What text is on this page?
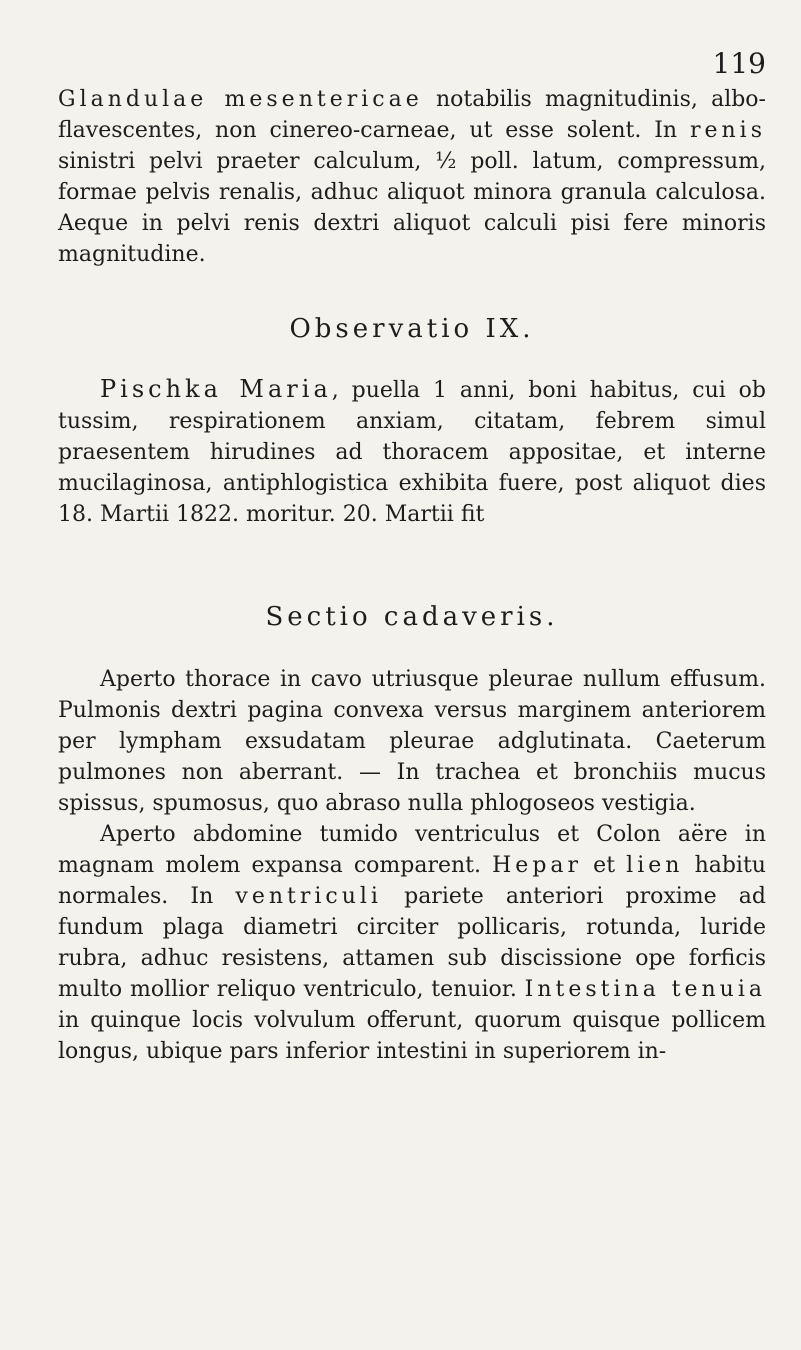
119

Glandulae mesentericae notabilis magnitudinis, albo-flavescentes, non cinereo-carneae, ut esse solent. In renis sinistri pelvi praeter calculum, ½ poll. latum, compressum, formae pelvis renalis, adhuc aliquot minora granula calculosa. Aeque in pelvi renis dextri aliquot calculi pisi fere minoris magnitudine.

Observatio IX.

Pischka Maria, puella 1 anni, boni habitus, cui ob tussim, respirationem anxiam, citatam, febrem simul praesentem hirudines ad thoracem appositae, et interne mucilaginosa, antiphlogistica exhibita fuere, post aliquot dies 18. Martii 1822. moritur. 20. Martii fit

Sectio cadaveris.

Aperto thorace in cavo utriusque pleurae nullum effusum. Pulmonis dextri pagina convexa versus marginem anteriorem per lympham exsudatam pleurae adglutinata. Caeterum pulmones non aberrant. — In trachea et bronchiis mucus spissus, spumosus, quo abraso nulla phlogoseos vestigia.

Aperto abdomine tumido ventriculus et Colon aëre in magnam molem expansa comparent. Hepar et lien habitu normales. In ventriculi pariete anteriori proxime ad fundum plaga diametri circiter pollicaris, rotunda, luride rubra, adhuc resistens, attamen sub discissione ope forficis multo mollior reliquo ventriculo, tenuior. Intestina tenuia in quinque locis volvulum offerunt, quorum quisque pollicem longus, ubique pars inferior intestini in superiorem in-
